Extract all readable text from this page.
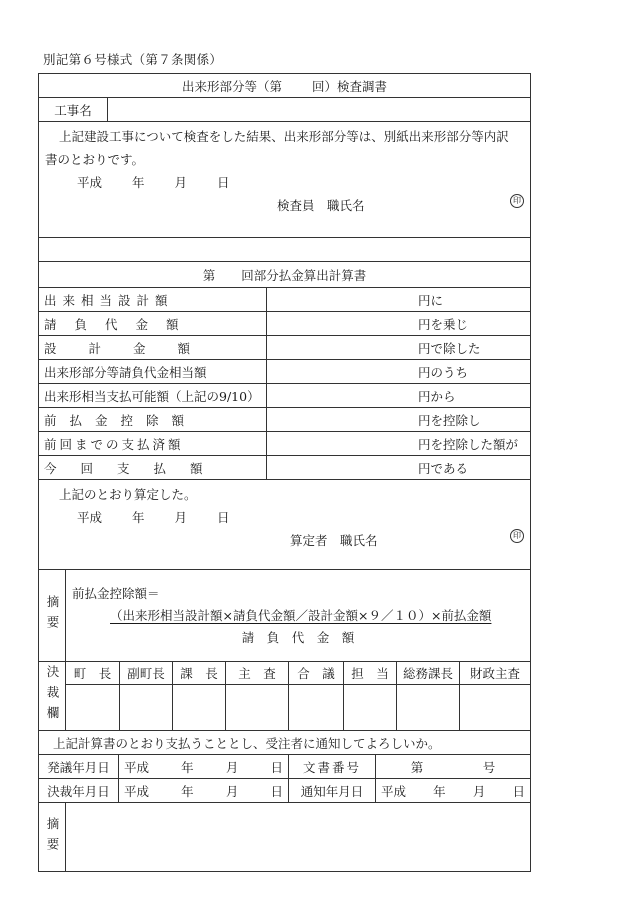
別記第６号様式（第７条関係）
出来形部分等（第 回）検査調書
工事名
上記建設工事について検査をした結果、出来形部分等は、別紙出来形部分等内訳
書のとおりです。
平成 年 月 日
検査員　職氏名	印
第 回部分払金算出計算書
出来相当設計額	円に
請負代金額	円を乗じ
設計金額	円で除した
出来形部分等請負代金相当額	円のうち
出来形相当支払可能額（上記の9/10）	円から
前払金控除額	円を控除し
前回までの支払済額	円を控除した額が
今回支払額	円である
上記のとおり算定した。
平成 年 月 日
算定者　職氏名	印
摘要
前払金控除額＝
（出来形相当設計額×請負代金額／設計金額×９／１０）×前払金額
請　負　代　金　額
決裁欄	町　長	副町長	課　長	主　査	合　議	担　当	総務課長	財政主査
上記計算書のとおり支払うこととし、受注者に通知してよろしいか。
発議年月日	平成	年	月	日	文書番号	第	号
決裁年月日	平成	年	月	日	通知年月日	平成 年 月 日
摘要
